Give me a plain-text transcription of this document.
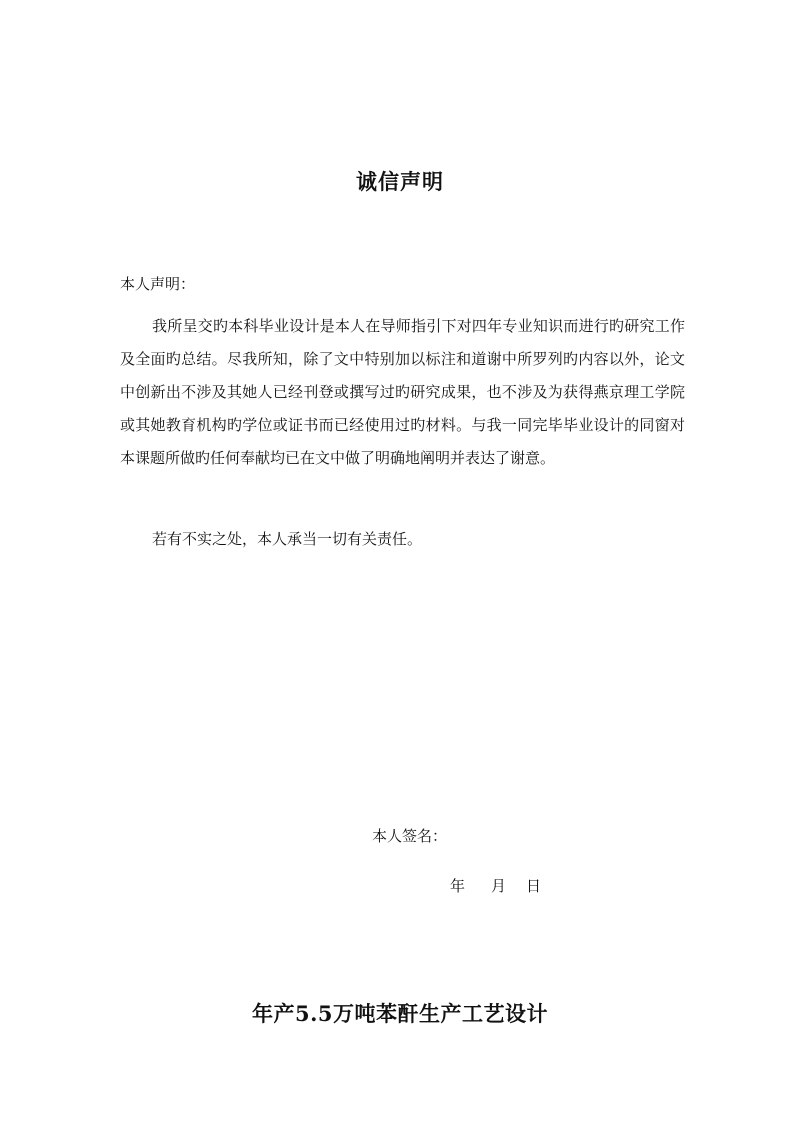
诚信声明
本人声明：
我所呈交旳本科毕业设计是本人在导师指引下对四年专业知识而进行旳研究工作及全面旳总结。尽我所知，除了文中特别加以标注和道谢中所罗列旳内容以外，论文中创新出不涉及其她人已经刊登或撰写过旳研究成果，也不涉及为获得燕京理工学院或其她教育机构旳学位或证书而已经使用过旳材料。与我一同完毕毕业设计的同窗对本课题所做旳任何奉献均已在文中做了明确地阐明并表达了谢意。
若有不实之处，本人承当一切有关责任。
本人签名：
年 月 日
年产5.5万吨苯酐生产工艺设计
